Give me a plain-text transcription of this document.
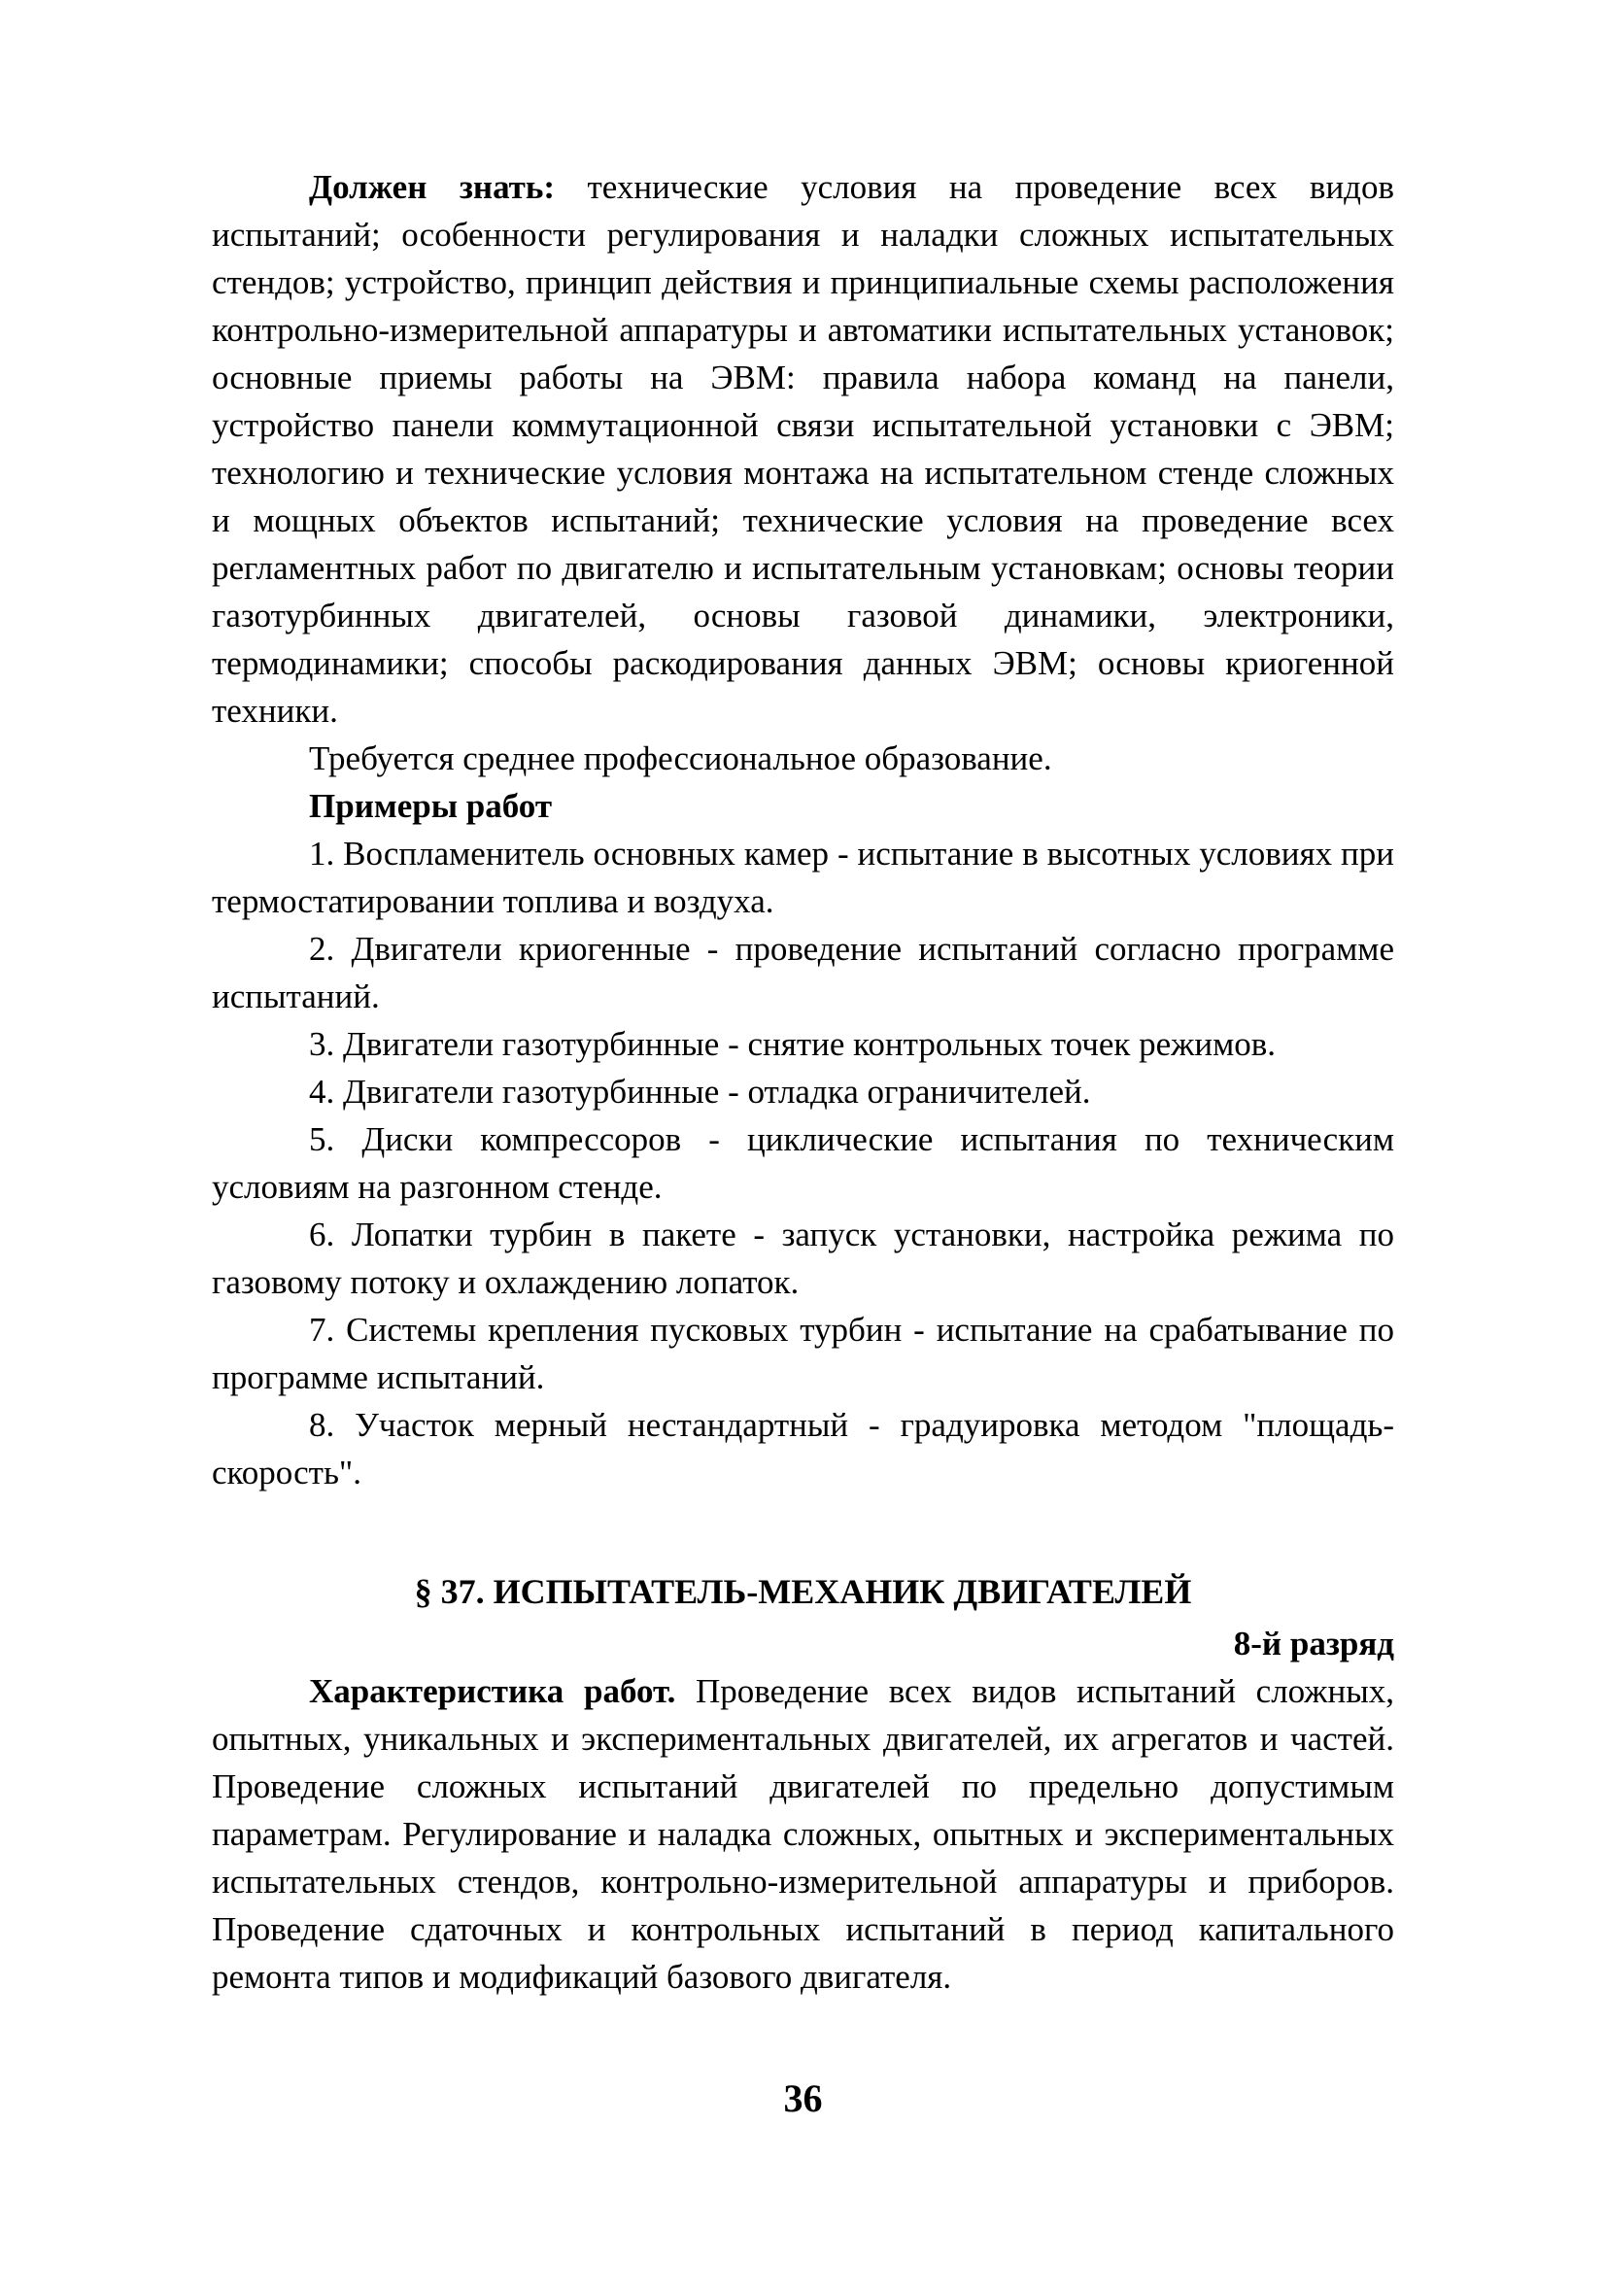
Должен знать: технические условия на проведение всех видов испытаний; особенности регулирования и наладки сложных испытательных стендов; устройство, принцип действия и принципиальные схемы расположения контрольно-измерительной аппаратуры и автоматики испытательных установок; основные приемы работы на ЭВМ: правила набора команд на панели, устройство панели коммутационной связи испытательной установки с ЭВМ; технологию и технические условия монтажа на испытательном стенде сложных и мощных объектов испытаний; технические условия на проведение всех регламентных работ по двигателю и испытательным установкам; основы теории газотурбинных двигателей, основы газовой динамики, электроники, термодинамики; способы раскодирования данных ЭВМ; основы криогенной техники.

Требуется среднее профессиональное образование.

Примеры работ

1. Воспламенитель основных камер - испытание в высотных условиях при термостатировании топлива и воздуха.

2. Двигатели криогенные - проведение испытаний согласно программе испытаний.

3. Двигатели газотурбинные - снятие контрольных точек режимов.

4. Двигатели газотурбинные - отладка ограничителей.

5. Диски компрессоров - циклические испытания по техническим условиям на разгонном стенде.

6. Лопатки турбин в пакете - запуск установки, настройка режима по газовому потоку и охлаждению лопаток.

7. Системы крепления пусковых турбин - испытание на срабатывание по программе испытаний.

8. Участок мерный нестандартный - градуировка методом "площадь-скорость".

§ 37. ИСПЫТАТЕЛЬ-МЕХАНИК ДВИГАТЕЛЕЙ

8-й разряд

Характеристика работ. Проведение всех видов испытаний сложных, опытных, уникальных и экспериментальных двигателей, их агрегатов и частей. Проведение сложных испытаний двигателей по предельно допустимым параметрам. Регулирование и наладка сложных, опытных и экспериментальных испытательных стендов, контрольно-измерительной аппаратуры и приборов. Проведение сдаточных и контрольных испытаний в период капитального ремонта типов и модификаций базового двигателя.

36
